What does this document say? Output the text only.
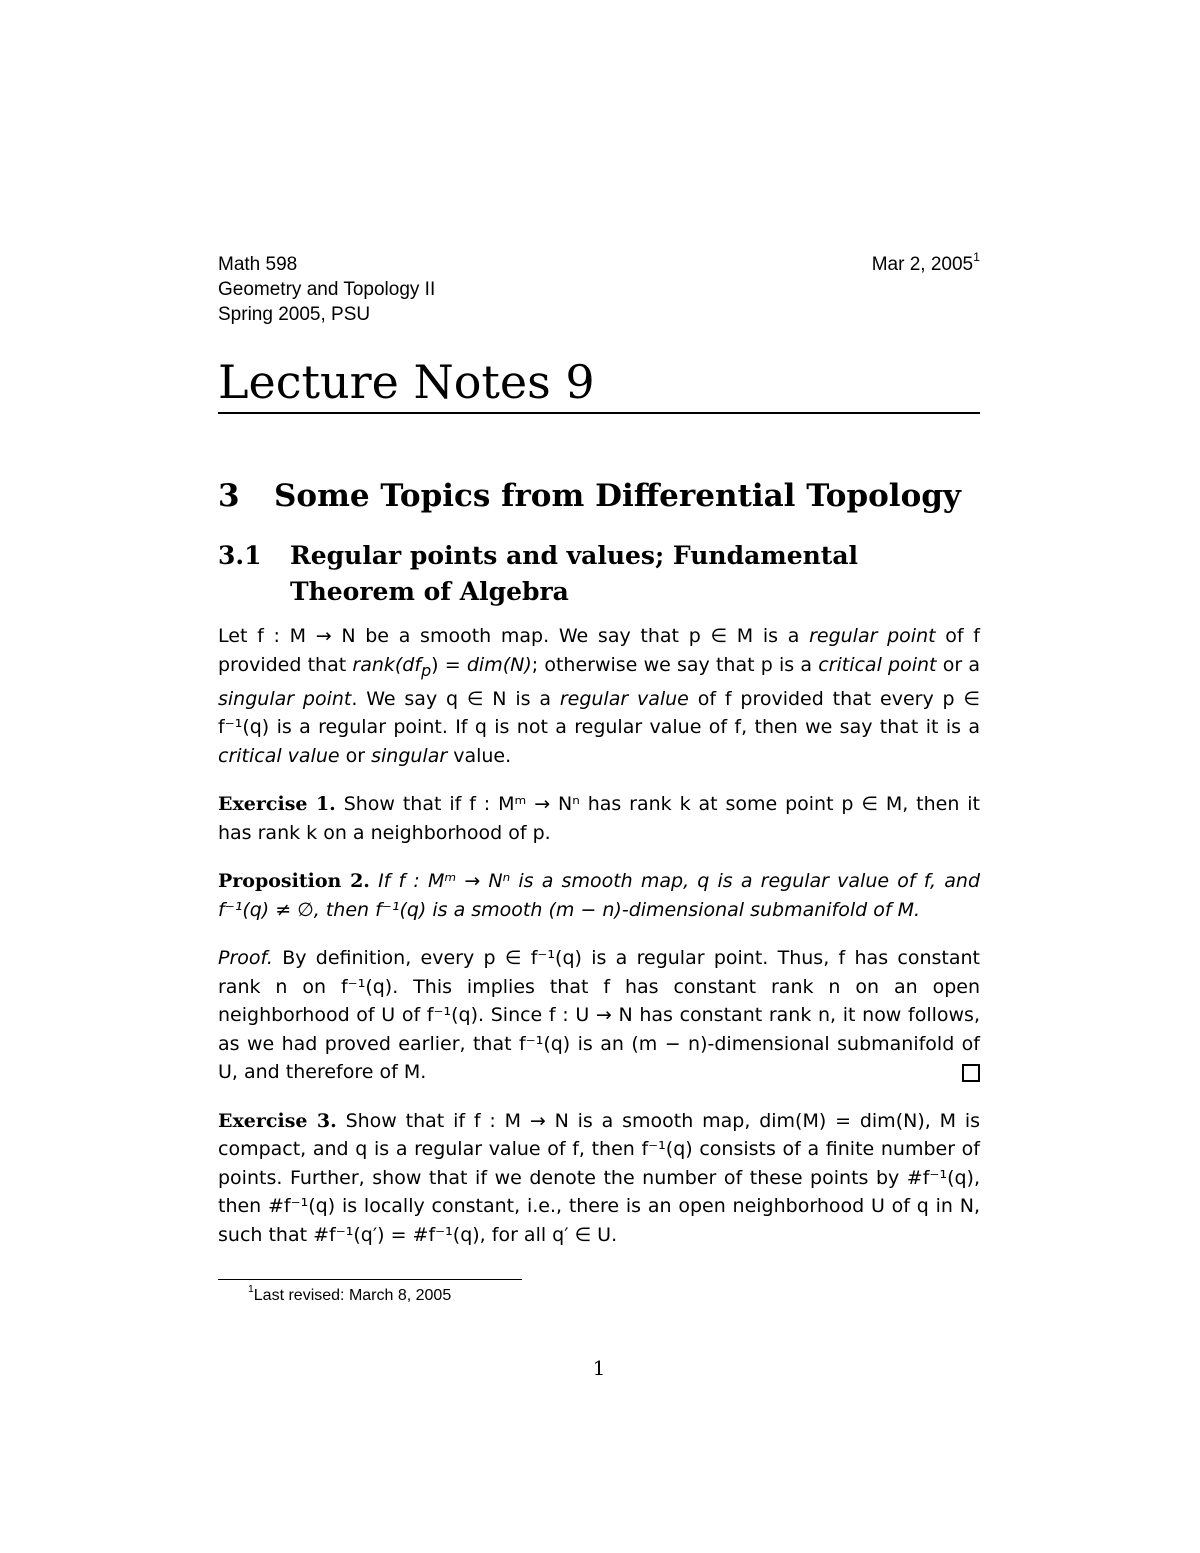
Math 598
Geometry and Topology II
Spring 2005, PSU
Mar 2, 2005$^1$
Lecture Notes 9
3	Some Topics from Differential Topology
3.1	Regular points and values; Fundamental Theorem of Algebra

Let f : M → N be a smooth map. We say that p ∈ M is a regular point of f provided that $rank(df_p) = dim(N)$; otherwise we say that p is a critical point or a singular point. We say q ∈ N is a regular value of f provided that every p ∈ f⁻¹(q) is a regular point. If q is not a regular value of f, then we say that it is a critical value or singular value.

Exercise 1. Show that if f : Mᵐ → Nⁿ has rank k at some point p ∈ M, then it has rank k on a neighborhood of p.

Proposition 2. If f : Mᵐ → Nⁿ is a smooth map, q is a regular value of f, and f⁻¹(q) ≠ ∅, then f⁻¹(q) is a smooth (m − n)-dimensional submanifold of M.

Proof. By definition, every p ∈ f⁻¹(q) is a regular point. Thus, f has constant rank n on f⁻¹(q). This implies that f has constant rank n on an open neighborhood of U of f⁻¹(q). Since f : U → N has constant rank n, it now follows, as we had proved earlier, that f⁻¹(q) is an (m − n)-dimensional submanifold of U, and therefore of M.

Exercise 3. Show that if f : M → N is a smooth map, dim(M) = dim(N), M is compact, and q is a regular value of f, then f⁻¹(q) consists of a finite number of points. Further, show that if we denote the number of these points by #f⁻¹(q), then #f⁻¹(q) is locally constant, i.e., there is an open neighborhood U of q in N, such that #f⁻¹(q′) = #f⁻¹(q), for all q′ ∈ U.

$^1$Last revised: March 8, 2005
1
